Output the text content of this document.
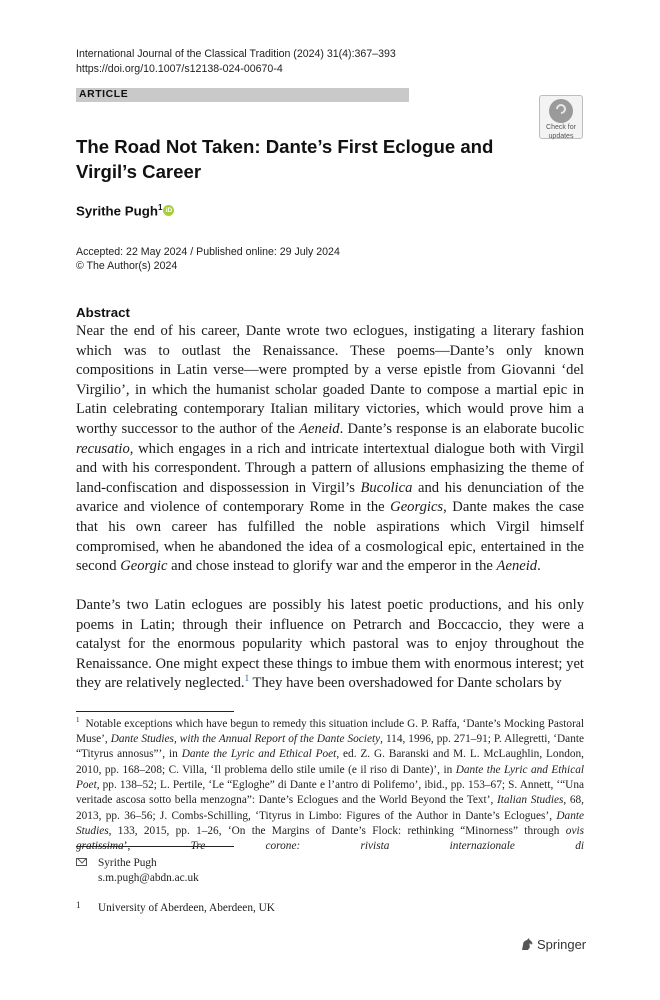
International Journal of the Classical Tradition (2024) 31(4):367–393
https://doi.org/10.1007/s12138-024-00670-4
ARTICLE
Check for
updates
The Road Not Taken: Dante’s First Eclogue and Virgil’s Career
Syrithe Pugh$^1$ iD
Accepted: 22 May 2024 / Published online: 29 July 2024
© The Author(s) 2024
Abstract

Near the end of his career, Dante wrote two eclogues, instigating a literary fashion which was to outlast the Renaissance. These poems—Dante’s only known compositions in Latin verse—were prompted by a verse epistle from Giovanni ‘del Virgilio’, in which the humanist scholar goaded Dante to compose a martial epic in Latin celebrating contemporary Italian military victories, which would prove him a worthy successor to the author of the Aeneid. Dante’s response is an elaborate bucolic recusatio, which engages in a rich and intricate intertextual dialogue both with Virgil and with his correspondent. Through a pattern of allusions emphasizing the theme of land-confiscation and dispossession in Virgil’s Bucolica and his denunciation of the avarice and violence of contemporary Rome in the Georgics, Dante makes the case that his own career has fulfilled the noble aspirations which Virgil himself compromised, when he abandoned the idea of a cosmological epic, entertained in the second Georgic and chose instead to glorify war and the emperor in the Aeneid.

Dante’s two Latin eclogues are possibly his latest poetic productions, and his only poems in Latin; through their influence on Petrarch and Boccaccio, they were a catalyst for the enormous popularity which pastoral was to enjoy throughout the Renaissance. One might expect these things to imbue them with enormous interest; yet they are relatively neglected.$^1$ They have been overshadowed for Dante scholars by

$^1$ Notable exceptions which have begun to remedy this situation include G. P. Raffa, ‘Dante’s Mocking Pastoral Muse’, Dante Studies, with the Annual Report of the Dante Society, 114, 1996, pp. 271–91; P. Allegretti, ‘Dante “Tityrus annosus”’, in Dante the Lyric and Ethical Poet, ed. Z. G. Baranski and M. L. McLaughlin, London, 2010, pp. 168–208; C. Villa, ‘Il problema dello stile umile (e il riso di Dante)’, in Dante the Lyric and Ethical Poet, pp. 138–52; L. Pertile, ‘Le “Egloghe” di Dante e l’antro di Polifemo’, ibid., pp. 153–67; S. Annett, ‘“Una veritade ascosa sotto bella menzogna”: Dante’s Eclogues and the World Beyond the Text’, Italian Studies, 68, 2013, pp. 36–56; J. Combs-Schilling, ‘Tityrus in Limbo: Figures of the Author in Dante’s Eclogues’, Dante Studies, 133, 2015, pp. 1–26, ‘On the Margins of Dante’s Flock: rethinking “Minorness” through ovis gratissima’, Tre corone: rivista internazionale di

Syrithe Pugh
s.m.pugh@abdn.ac.uk
1 University of Aberdeen, Aberdeen, UK
Springer
